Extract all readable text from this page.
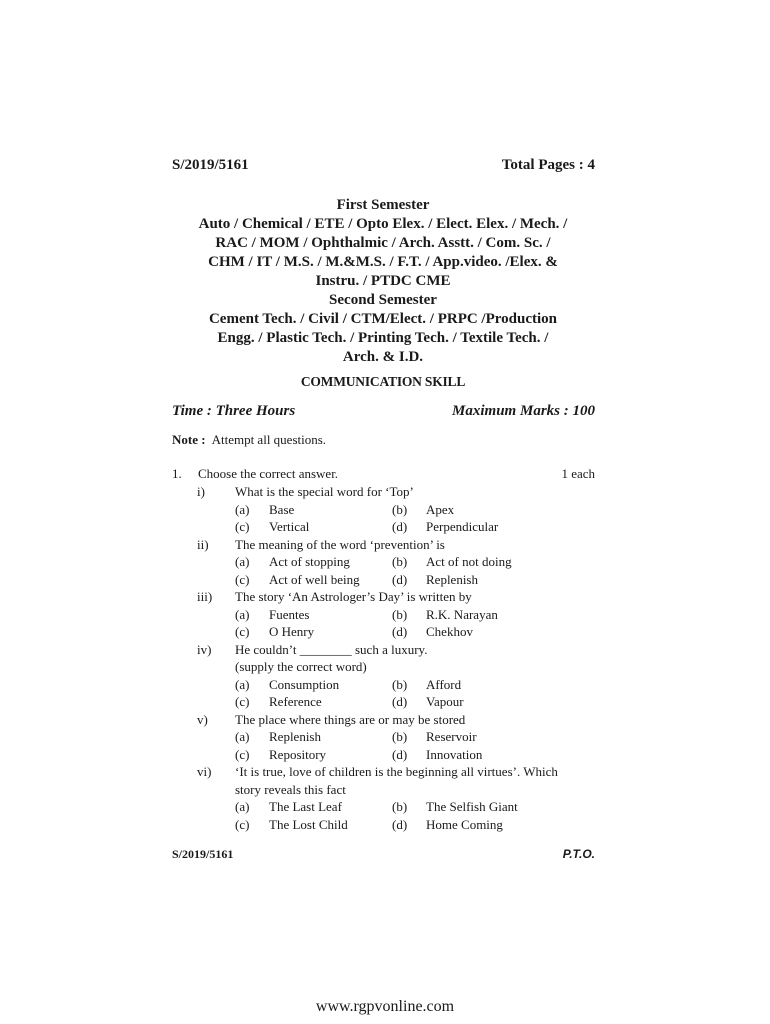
S/2019/5161	Total Pages : 4
First Semester
Auto / Chemical / ETE / Opto Elex. / Elect. Elex. / Mech. /
RAC / MOM / Ophthalmic / Arch. Asstt. / Com. Sc. /
CHM / IT / M.S. / M.&M.S. / F.T. / App.video. /Elex. &
Instru. / PTDC CME
Second Semester
Cement Tech. / Civil / CTM/Elect. / PRPC /Production
Engg. / Plastic Tech. / Printing Tech. / Textile Tech. /
Arch. & I.D.
COMMUNICATION SKILL
Time : Three Hours	Maximum Marks : 100
Note : Attempt all questions.
1.	Choose the correct answer.	1 each
i)	What is the special word for ‘Top’
(a)	Base	(b)	Apex
(c)	Vertical	(d)	Perpendicular
ii)	The meaning of the word ‘prevention’ is
(a)	Act of stopping	(b)	Act of not doing
(c)	Act of well being (d)	Replenish
iii)	The story ‘An Astrologer’s Day’ is written by
(a)	Fuentes	(b)	R.K. Narayan
(c)	O Henry	(d)	Chekhov
iv)	He couldn’t ________ such a luxury.
(supply the correct word)
(a)	Consumption	(b)	Afford
(c)	Reference	(d)	Vapour
v)	The place where things are or may be stored
(a)	Replenish	(b)	Reservoir
(c)	Repository	(d)	Innovation
vi)	‘It is true, love of children is the beginning all virtues’. Which
story reveals this fact
(a)	The Last Leaf	(b)	The Selfish Giant
(c)	The Lost Child	(d)	Home Coming
S/2019/5161	P.T.O.
www.rgpvonline.com
